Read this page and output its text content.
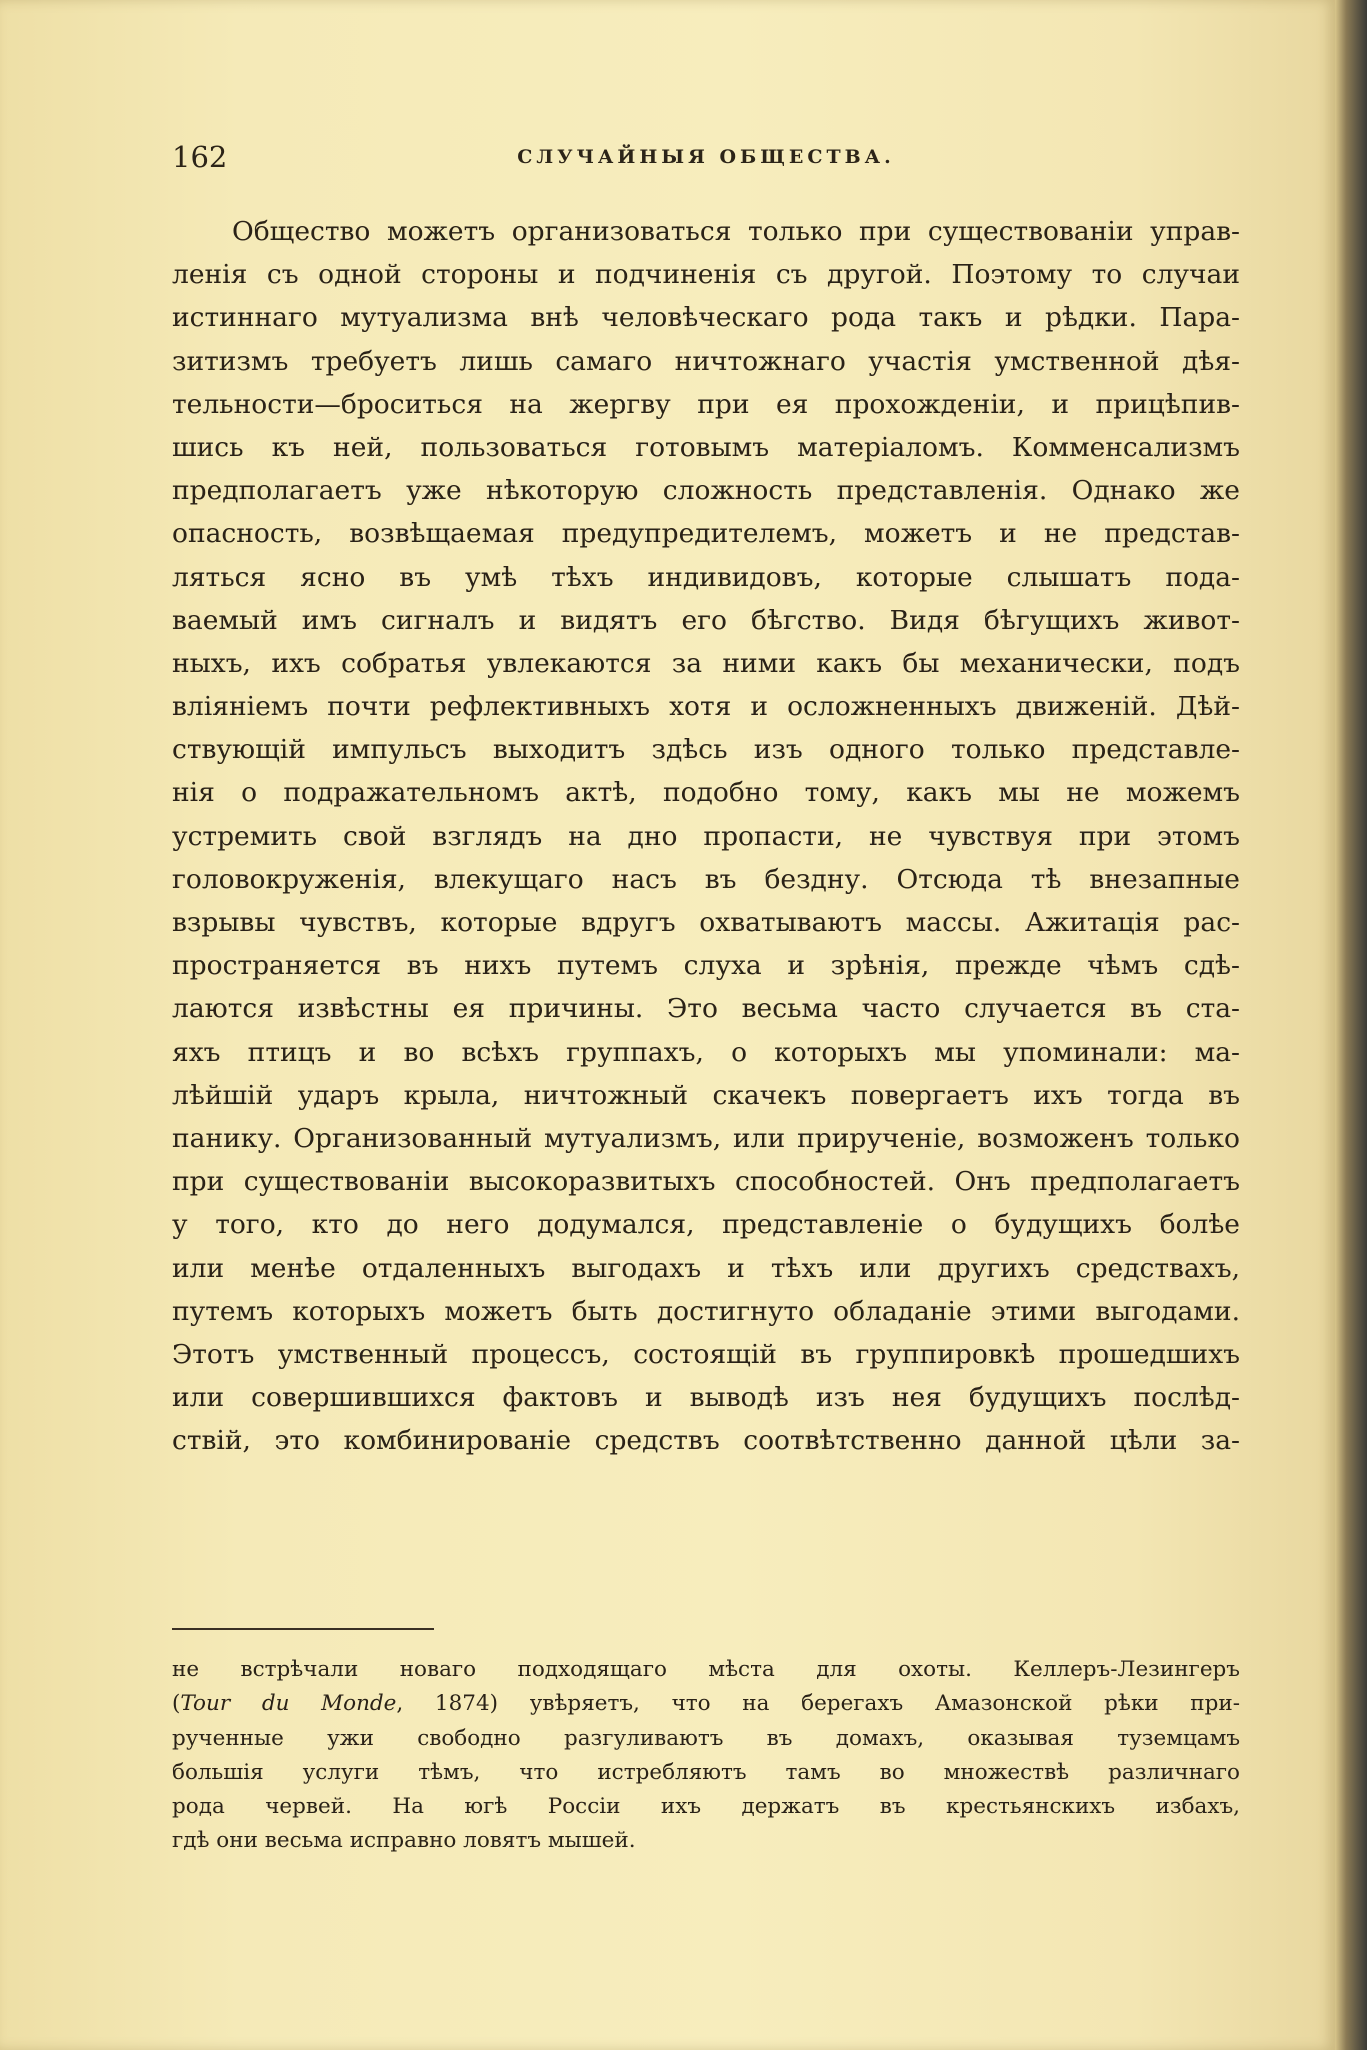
162	СЛУЧАЙНЫЯ ОБЩЕСТВА.
Общество можетъ организоваться только при существованіи управ-
ленія съ одной стороны и подчиненія съ другой. Поэтому то случаи
истиннаго мутуализма внѣ человѣческаго рода такъ и рѣдки. Пара-
зитизмъ требуетъ лишь самаго ничтожнаго участія умственной дѣя-
тельности—броситься на жергву при ея прохожденіи, и прицѣпив-
шись къ ней, пользоваться готовымъ матеріаломъ. Комменсализмъ
предполагаетъ уже нѣкоторую сложность представленія. Однако же
опасность, возвѣщаемая предупредителемъ, можетъ и не представ-
ляться ясно въ умѣ тѣхъ индивидовъ, которые слышатъ пода-
ваемый имъ сигналъ и видятъ его бѣгство. Видя бѣгущихъ живот-
ныхъ, ихъ собратья увлекаются за ними какъ бы механически, подъ
вліяніемъ почти рефлективныхъ хотя и осложненныхъ движеній. Дѣй-
ствующій импульсъ выходитъ здѣсь изъ одного только представле-
нія о подражательномъ актѣ, подобно тому, какъ мы не можемъ
устремить свой взглядъ на дно пропасти, не чувствуя при этомъ
головокруженія, влекущаго насъ въ бездну. Отсюда тѣ внезапные
взрывы чувствъ, которые вдругъ охватываютъ массы. Ажитація рас-
пространяется въ нихъ путемъ слуха и зрѣнія, прежде чѣмъ сдѣ-
лаются извѣстны ея причины. Это весьма часто случается въ ста-
яхъ птицъ и во всѣхъ группахъ, о которыхъ мы упоминали: ма-
лѣйшій ударъ крыла, ничтожный скачекъ повергаетъ ихъ тогда въ
панику. Организованный мутуализмъ, или прирученіе, возможенъ только
при существованіи высокоразвитыхъ способностей. Онъ предполагаетъ
у того, кто до него додумался, представленіе о будущихъ болѣе
или менѣе отдаленныхъ выгодахъ и тѣхъ или другихъ средствахъ,
путемъ которыхъ можетъ быть достигнуто обладаніе этими выгодами.
Этотъ умственный процессъ, состоящій въ группировкѣ прошедшихъ
или совершившихся фактовъ и выводѣ изъ нея будущихъ послѣд-
ствій, это комбинированіе средствъ соотвѣтственно данной цѣли за-
не встрѣчали новаго подходящаго мѣста для охоты. Келлеръ-Лезингеръ
(Tour du Monde, 1874) увѣряетъ, что на берегахъ Амазонской рѣки при-
рученные ужи свободно разгуливаютъ въ домахъ, оказывая туземцамъ
большія услуги тѣмъ, что истребляютъ тамъ во множествѣ различнаго
рода червей. На югѣ Россіи ихъ держатъ въ крестьянскихъ избахъ,
гдѣ они весьма исправно ловятъ мышей.
